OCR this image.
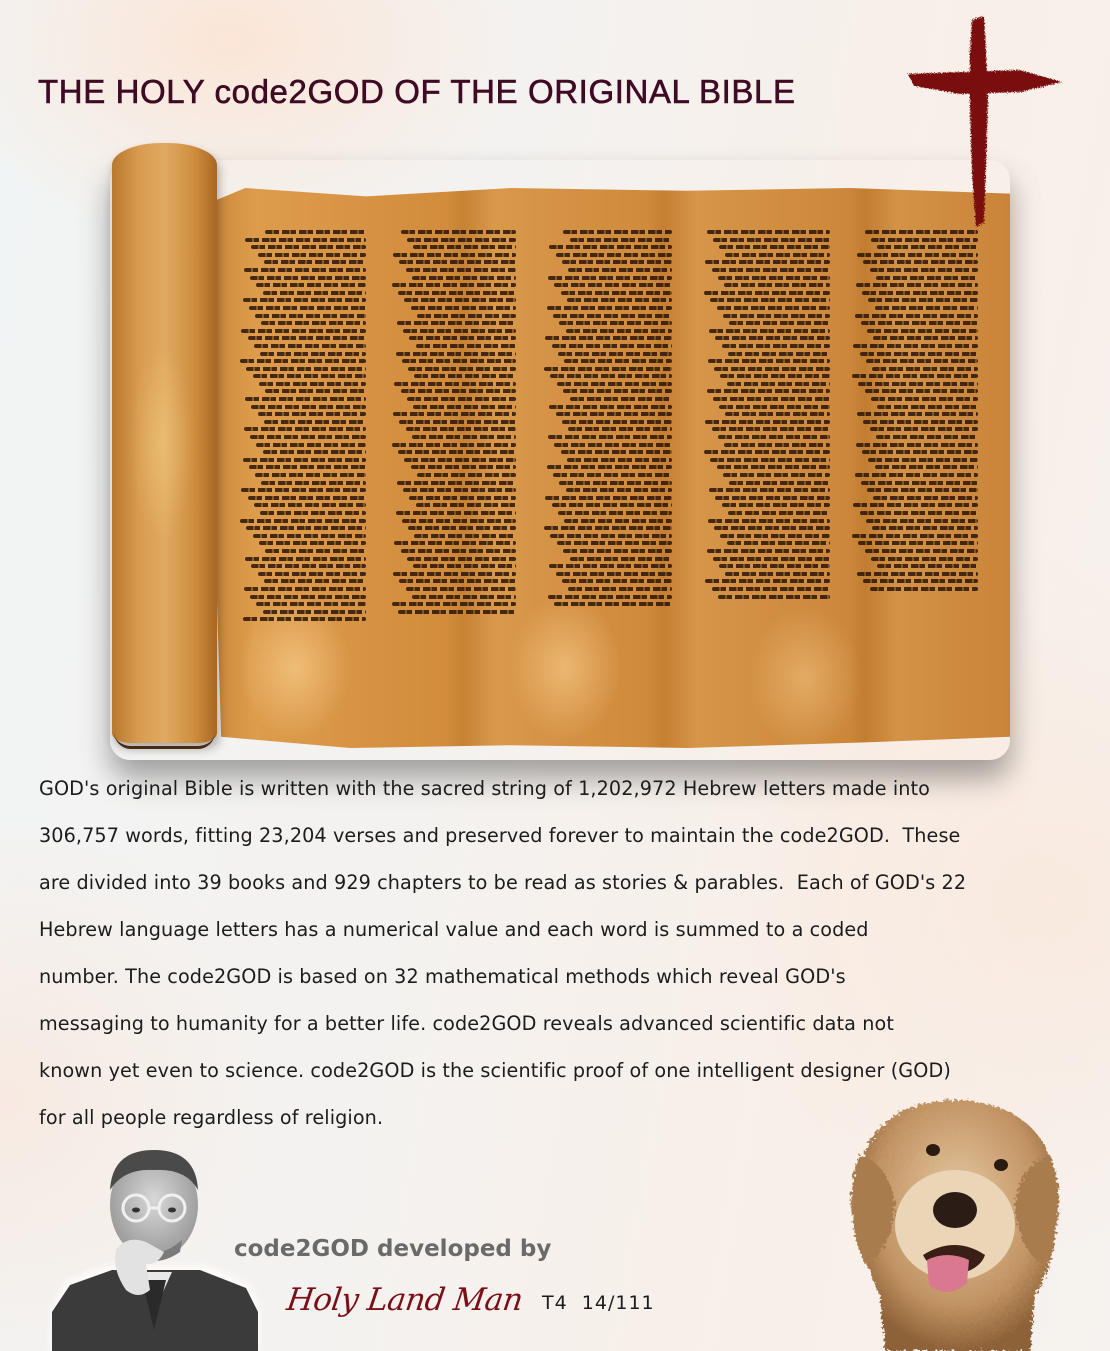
THE HOLY code2GOD OF THE ORIGINAL BIBLE
GOD's original Bible is written with the sacred string of 1,202,972 Hebrew letters made into
306,757 words, fitting 23,204 verses and preserved forever to maintain the code2GOD.  These
are divided into 39 books and 929 chapters to be read as stories & parables.  Each of GOD's 22
Hebrew language letters has a numerical value and each word is summed to a coded
number. The code2GOD is based on 32 mathematical methods which reveal GOD's
messaging to humanity for a better life. code2GOD reveals advanced scientific data not
known yet even to science. code2GOD is the scientific proof of one intelligent designer (GOD)
for all people regardless of religion.
code2GOD developed by
Holy Land Man T4  14/111
